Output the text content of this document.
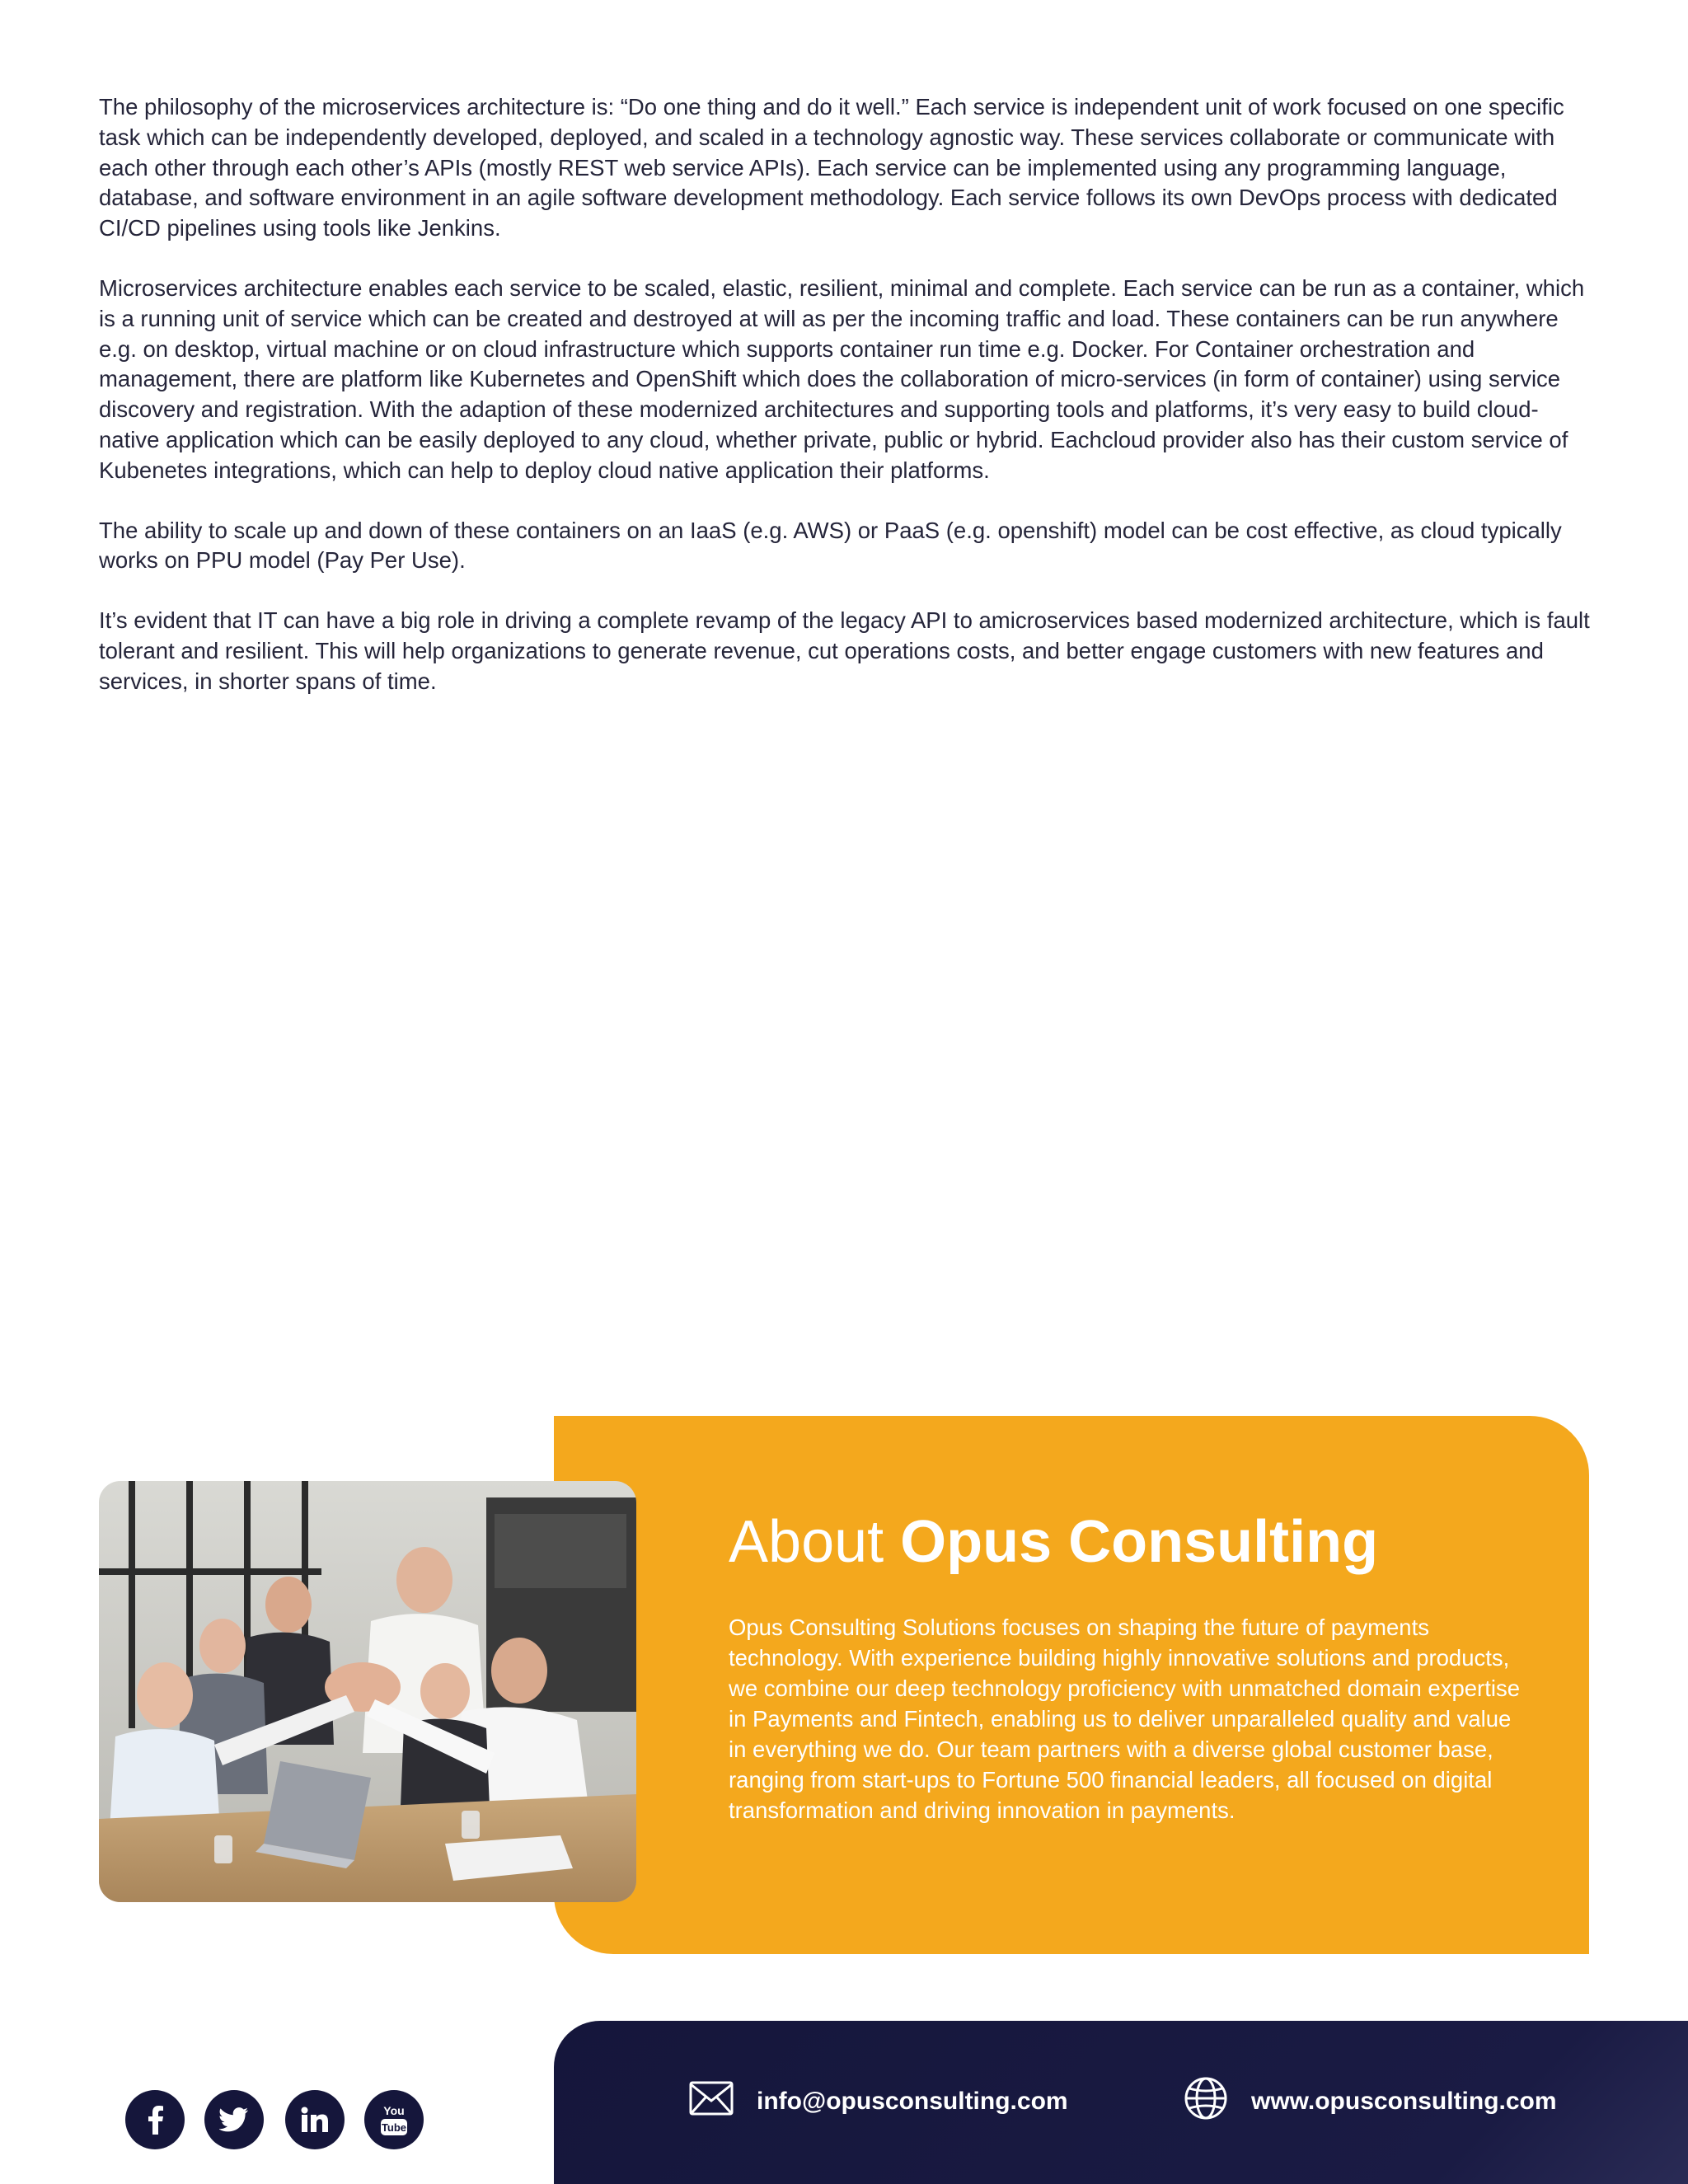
The philosophy of the microservices architecture is: “Do one thing and do it well.” Each service is independent unit of work focused on one specific task which can be independently developed, deployed, and scaled in a technology agnostic way. These services collaborate or communicate with each other through each other’s APIs (mostly REST web service APIs). Each service can be implemented using any programming language, database, and software environment in an agile software development methodology. Each service follows its own DevOps process with dedicated CI/CD pipelines using tools like Jenkins.

Microservices architecture enables each service to be scaled, elastic, resilient, minimal and complete. Each service can be run as a container, which is a running unit of service which can be created and destroyed at will as per the incoming traffic and load. These containers can be run anywhere e.g. on desktop, virtual machine or on cloud infrastructure which supports container run time e.g. Docker. For Container orchestration and management, there are platform like Kubernetes and OpenShift which does the collaboration of micro-services (in form of container) using service discovery and registration. With the adaption of these modernized architectures and supporting tools and platforms, it’s very easy to build cloud-native application which can be easily deployed to any cloud, whether private, public or hybrid. Eachcloud provider also has their custom service of Kubenetes integrations, which can help to deploy cloud native application their platforms.

The ability to scale up and down of these containers on an IaaS (e.g. AWS) or PaaS (e.g. openshift) model can be cost effective, as cloud typically works on PPU model (Pay Per Use).

It’s evident that IT can have a big role in driving a complete revamp of the legacy API to amicroservices based modernized architecture, which is fault tolerant and resilient. This will help organizations to generate revenue, cut operations costs, and better engage customers with new features and services, in shorter spans of time.

About Opus Consulting

Opus Consulting Solutions focuses on shaping the future of payments technology. With experience building highly innovative solutions and products, we combine our deep technology proficiency with unmatched domain expertise in Payments and Fintech, enabling us to deliver unparalleled quality and value in everything we do. Our team partners with a diverse global customer base, ranging from start-ups to Fortune 500 financial leaders, all focused on digital transformation and driving innovation in payments.

info@opusconsulting.com	www.opusconsulting.com
You
Tube
